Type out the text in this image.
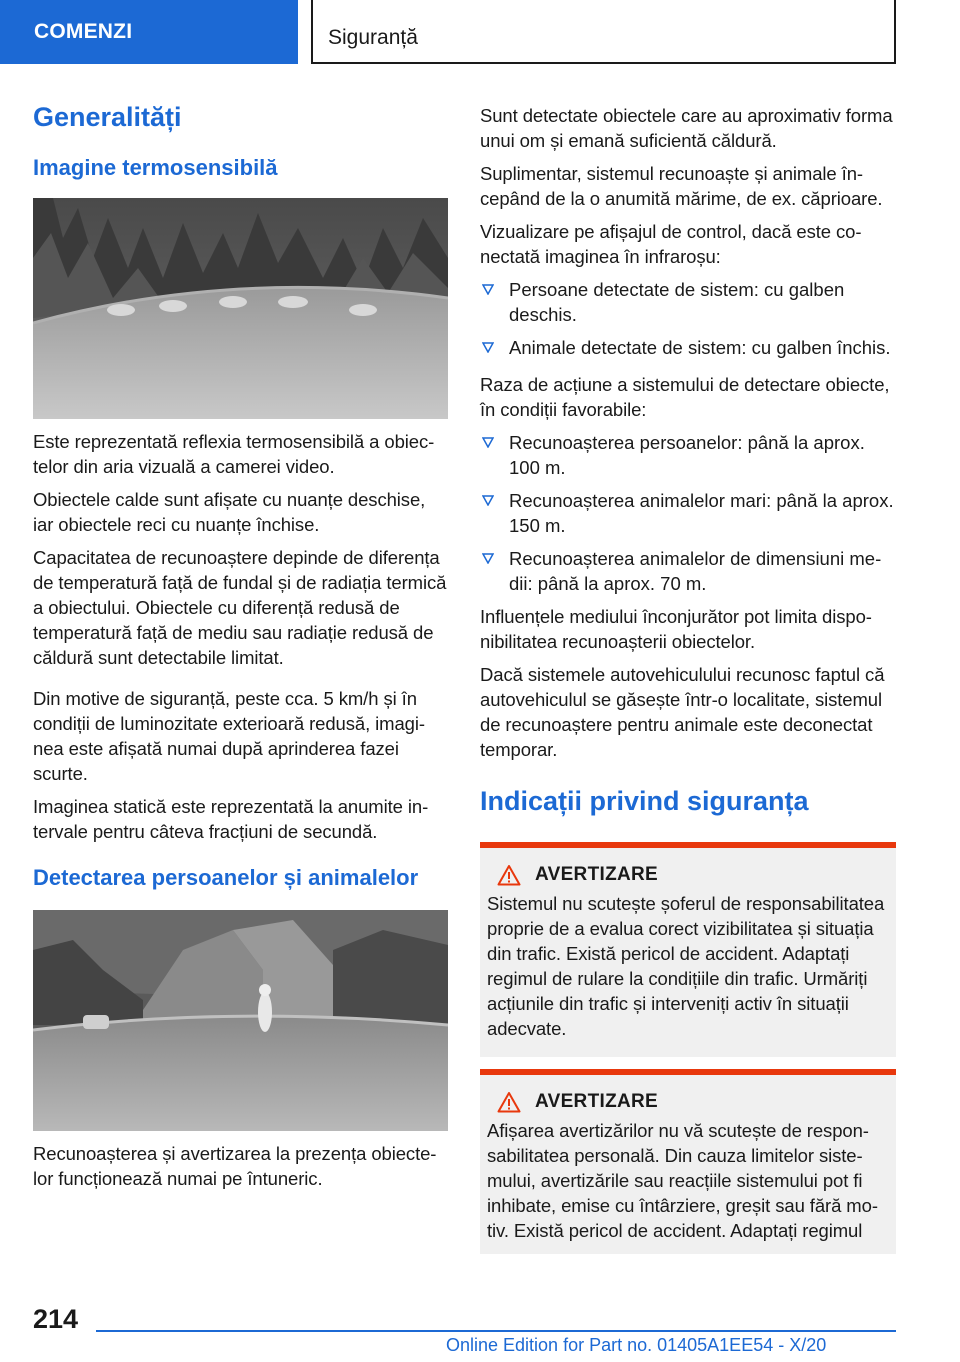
COMENZI	Siguranță
Generalități
Imagine termosensibilă

Este reprezentată reflexia termosensibilă a obiectelor din aria vizuală a camerei video.

Obiectele calde sunt afișate cu nuanțe deschise, iar obiectele reci cu nuanțe închise.

Capacitatea de recunoaștere depinde de diferența de temperatură față de fundal și de radiația termică a obiectului. Obiectele cu diferență redusă de temperatură față de mediu sau radiație redusă de căldură sunt detectabile limitat.

Din motive de siguranță, peste cca. 5 km/h și în condiții de luminozitate exterioară redusă, imaginea este afișată numai după aprinderea fazei scurte.

Imaginea statică este reprezentată la anumite intervale pentru câteva fracțiuni de secundă.

Detectarea persoanelor și animalelor

Recunoașterea și avertizarea la prezența obiectelor funcționează numai pe întuneric.

Sunt detectate obiectele care au aproximativ forma unui om și emană suficientă căldură.

Suplimentar, sistemul recunoaște și animale începând de la o anumită mărime, de ex. căprioare.

Vizualizare pe afișajul de control, dacă este conectată imaginea în infraroșu:

Persoane detectate de sistem: cu galben deschis.
Animale detectate de sistem: cu galben închis.

Raza de acțiune a sistemului de detectare obiecte, în condiții favorabile:

Recunoașterea persoanelor: până la aprox. 100 m.
Recunoașterea animalelor mari: până la aprox. 150 m.
Recunoașterea animalelor de dimensiuni medii: până la aprox. 70 m.

Influențele mediului înconjurător pot limita disponibilitatea recunoașterii obiectelor.

Dacă sistemele autovehiculului recunosc faptul că autovehiculul se găsește într-o localitate, sistemul de recunoaștere pentru animale este deconectat temporar.

Indicații privind siguranța
AVERTIZARE

Sistemul nu scutește șoferul de responsabilitatea proprie de a evalua corect vizibilitatea și situația din trafic. Există pericol de accident. Adaptați regimul de rulare la condițiile din trafic. Urmăriți acțiunile din trafic și interveniți activ în situații adecvate.

AVERTIZARE

Afișarea avertizărilor nu vă scutește de responsabilitatea personală. Din cauza limitelor sistemului, avertizările sau reacțiile sistemului pot fi inhibate, emise cu întârziere, greșit sau fără motiv. Există pericol de accident. Adaptați regimul

214
Online Edition for Part no. 01405A1EE54 - X/20
